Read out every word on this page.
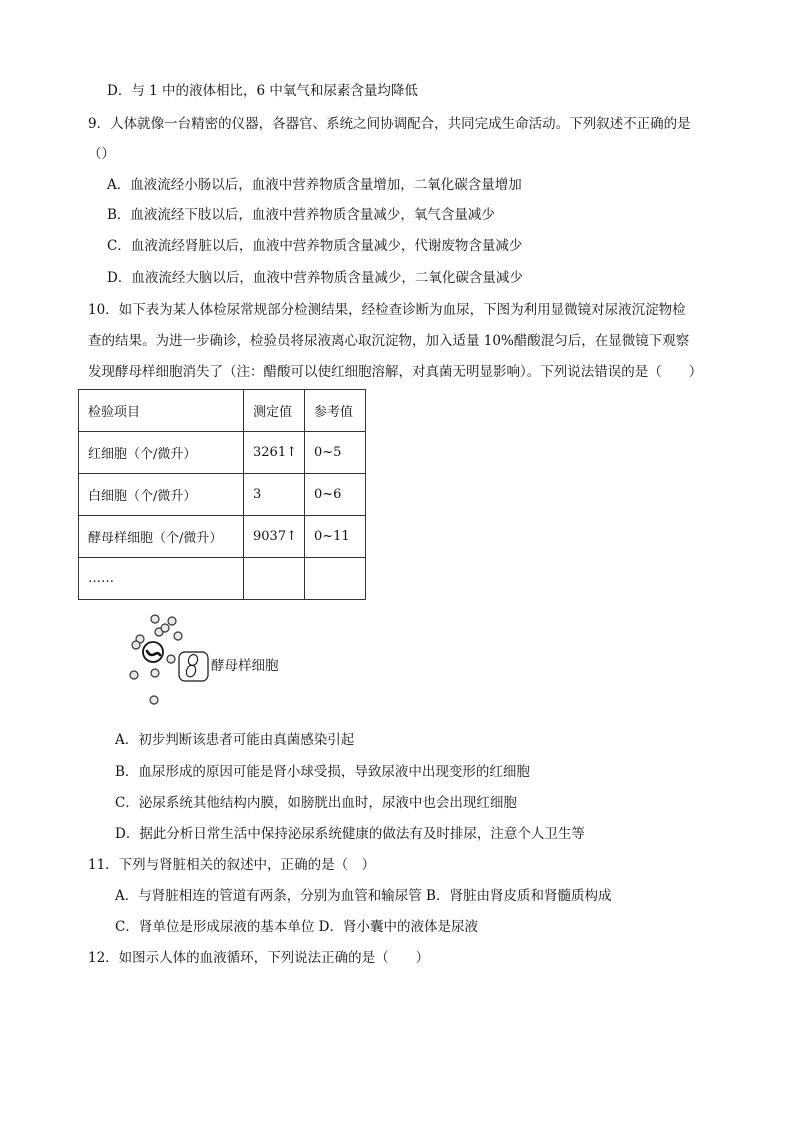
D．与 1 中的液体相比，6 中氧气和尿素含量均降低
9．人体就像一台精密的仪器，各器官、系统之间协调配合，共同完成生命活动。下列叙述不正确的是
（）
A．血液流经小肠以后，血液中营养物质含量增加，二氧化碳含量增加
B．血液流经下肢以后，血液中营养物质含量减少，氧气含量减少
C．血液流经肾脏以后，血液中营养物质含量减少，代谢废物含量减少
D．血液流经大脑以后，血液中营养物质含量减少，二氧化碳含量减少
10．如下表为某人体检尿常规部分检测结果，经检查诊断为血尿，下图为利用显微镜对尿液沉淀物检
查的结果。为进一步确诊，检验员将尿液离心取沉淀物，加入适量 10%醋酸混匀后，在显微镜下观察
发现酵母样细胞消失了（注：醋酸可以使红细胞溶解，对真菌无明显影响）。下列说法错误的是（　　）
检验项目	测定值	参考值
红细胞（个/微升）	3261↑	0~5
白细胞（个/微升）	3	0~6
酵母样细胞（个/微升）	9037↑	0~11
……		
酵母样细胞
A．初步判断该患者可能由真菌感染引起
B．血尿形成的原因可能是肾小球受损，导致尿液中出现变形的红细胞
C．泌尿系统其他结构内膜，如膀胱出血时，尿液中也会出现红细胞
D．据此分析日常生活中保持泌尿系统健康的做法有及时排尿，注意个人卫生等
11．下列与肾脏相关的叙述中，正确的是（　）
A．与肾脏相连的管道有两条，分别为血管和输尿管 B．肾脏由肾皮质和肾髓质构成
C．肾单位是形成尿液的基本单位 D．肾小囊中的液体是尿液
12．如图示人体的血液循环，下列说法正确的是（　　）
